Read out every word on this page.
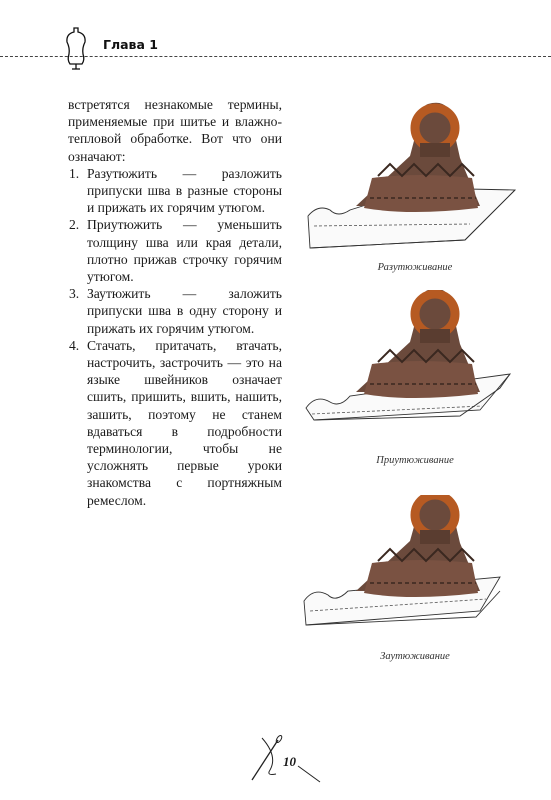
Глава 1

встретятся незнакомые термины, применяемые при шитье и влажно-тепловой обработке. Вот что они означают:

1. Разутюжить — разложить припуски шва в разные стороны и прижать их горячим утюгом.
2. Приутюжить — уменьшить толщину шва или края детали, плотно прижав строчку горячим утюгом.
3. Заутюжить — заложить припуски шва в одну сторону и прижать их горячим утюгом.
4. Стачать, притачать, втачать, настрочить, застрочить — это на языке швейников означает сшить, пришить, вшить, нашить, зашить, поэтому не станем вдаваться в подробности терминологии, чтобы не усложнять первые уроки знакомства с портняжным ремеслом.
Разутюживание
Приутюживание
Заутюживание
10
